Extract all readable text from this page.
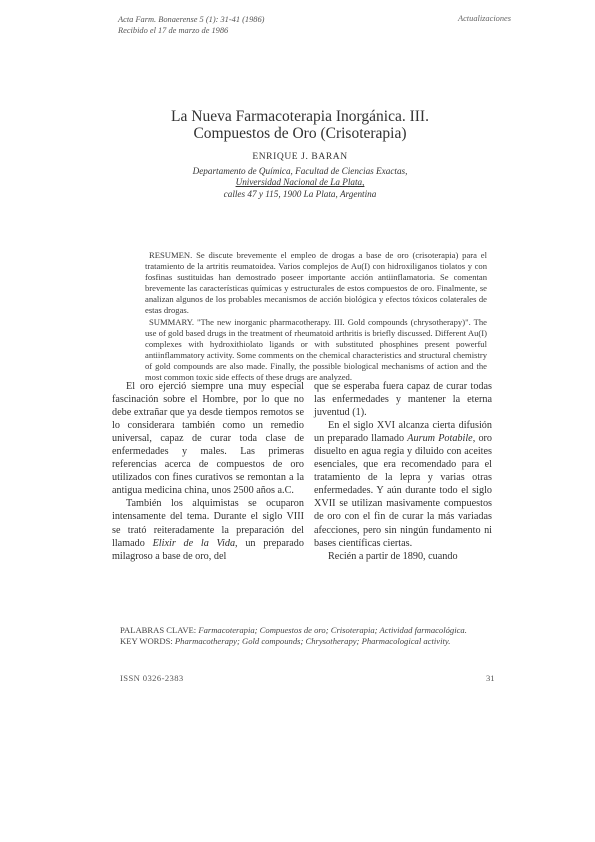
Acta Farm. Bonaerense 5 (1): 31-41 (1986)
Recibido el 17 de marzo de 1986
Actualizaciones
La Nueva Farmacoterapia Inorgánica. III.
Compuestos de Oro (Crisoterapia)
ENRIQUE J. BARAN
Departamento de Química, Facultad de Ciencias Exactas,
Universidad Nacional de La Plata,
calles 47 y 115, 1900 La Plata, Argentina

RESUMEN. Se discute brevemente el empleo de drogas a base de oro (crisoterapia) para el tratamiento de la artritis reumatoidea. Varios complejos de Au(I) con hidroxiliganos tiolatos y con fosfinas sustituidas han demostrado poseer importante acción antiinflamatoria. Se comentan brevemente las características químicas y estructurales de estos compuestos de oro. Finalmente, se analizan algunos de los probables mecanismos de acción biológica y efectos tóxicos colaterales de estas drogas.

SUMMARY. "The new inorganic pharmacotherapy. III. Gold compounds (chrysotherapy)". The use of gold based drugs in the treatment of rheumatoid arthritis is briefly discussed. Different Au(I) complexes with hydroxithiolato ligands or with substituted phosphines present powerful antiinflammatory activity. Some comments on the chemical characteristics and structural chemistry of gold compounds are also made. Finally, the possible biological mechanisms of action and the most common toxic side effects of these drugs are analyzed.

El oro ejerció siempre una muy especial fascinación sobre el Hombre, por lo que no debe extrañar que ya desde tiempos remotos se lo considerara también como un remedio universal, capaz de curar toda clase de enfermedades y males. Las primeras referencias acerca de compuestos de oro utilizados con fines curativos se remontan a la antigua medicina china, unos 2500 años a.C.

También los alquimistas se ocuparon intensamente del tema. Durante el siglo VIII se trató reiteradamente la preparación del llamado Elixir de la Vida, un preparado milagroso a base de oro, del

que se esperaba fuera capaz de curar todas las enfermedades y mantener la eterna juventud (1).

En el siglo XVI alcanza cierta difusión un preparado llamado Aurum Potabile, oro disuelto en agua regia y diluido con aceites esenciales, que era recomendado para el tratamiento de la lepra y varias otras enfermedades. Y aún durante todo el siglo XVII se utilizan masivamente compuestos de oro con el fin de curar la más variadas afecciones, pero sin ningún fundamento ni bases científicas ciertas.

Recién a partir de 1890, cuando

PALABRAS CLAVE: Farmacoterapia; Compuestos de oro; Crisoterapia; Actividad farmacológica.

KEY WORDS: Pharmacotherapy; Gold compounds; Chrysotherapy; Pharmacological activity.

ISSN 0326-2383	31
